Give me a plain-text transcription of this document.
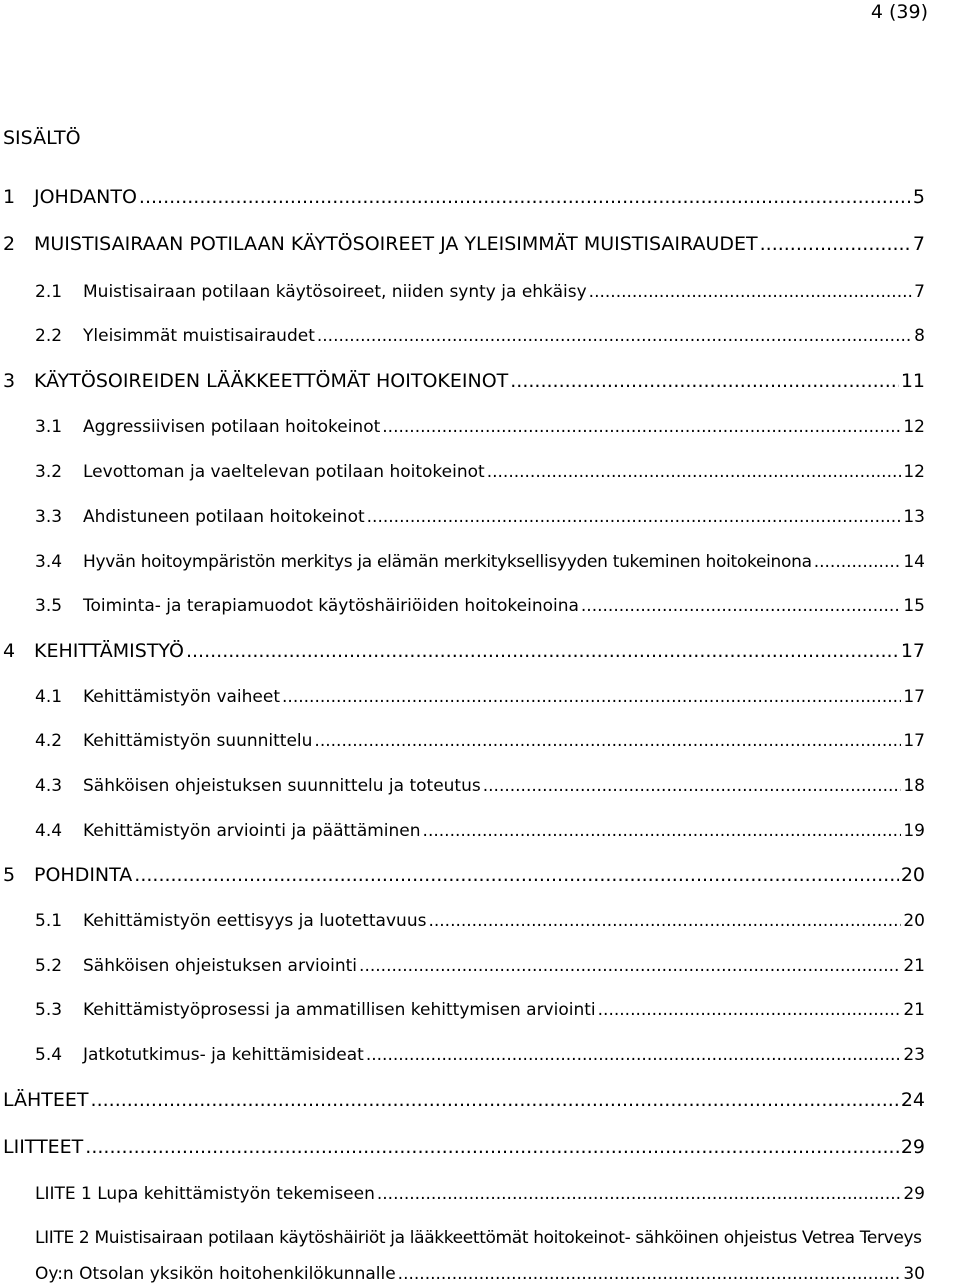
4 (39)
SISÄLTÖ
1 JOHDANTO .....	5
2 MUISTISAIRAAN POTILAAN KÄYTÖSOIREET JA YLEISIMMÄT MUISTISAIRAUDET .....	7
2.1	Muistisairaan potilaan käytösoireet, niiden synty ja ehkäisy .....	7
2.2	Yleisimmät muistisairaudet .....	8
3 KÄYTÖSOIREIDEN LÄÄKKEETTÖMÄT HOITOKEINOT .....	11
3.1	Aggressiivisen potilaan hoitokeinot .....	12
3.2	Levottoman ja vaeltelevan potilaan hoitokeinot .....	12
3.3	Ahdistuneen potilaan hoitokeinot .....	13
3.4	Hyvän hoitoympäristön merkitys ja elämän merkityksellisyyden tukeminen hoitokeinona .....	14
3.5	Toiminta- ja terapiamuodot käytöshäiriöiden hoitokeinoina .....	15
4 KEHITTÄMISTYÖ .....	17
4.1	Kehittämistyön vaiheet .....	17
4.2	Kehittämistyön suunnittelu .....	17
4.3	Sähköisen ohjeistuksen suunnittelu ja toteutus .....	18
4.4	Kehittämistyön arviointi ja päättäminen .....	19
5 POHDINTA .....	20
5.1	Kehittämistyön eettisyys ja luotettavuus .....	20
5.2	Sähköisen ohjeistuksen arviointi .....	21
5.3	Kehittämistyöprosessi ja ammatillisen kehittymisen arviointi .....	21
5.4	Jatkotutkimus- ja kehittämisideat .....	23
LÄHTEET .....	24
LIITTEET .....	29
LIITE 1 Lupa kehittämistyön tekemiseen .....	29
LIITE 2 Muistisairaan potilaan käytöshäiriöt ja lääkkeettömät hoitokeinot- sähköinen ohjeistus Vetrea Terveys
Oy:n Otsolan yksikön hoitohenkilökunnalle .....	30
